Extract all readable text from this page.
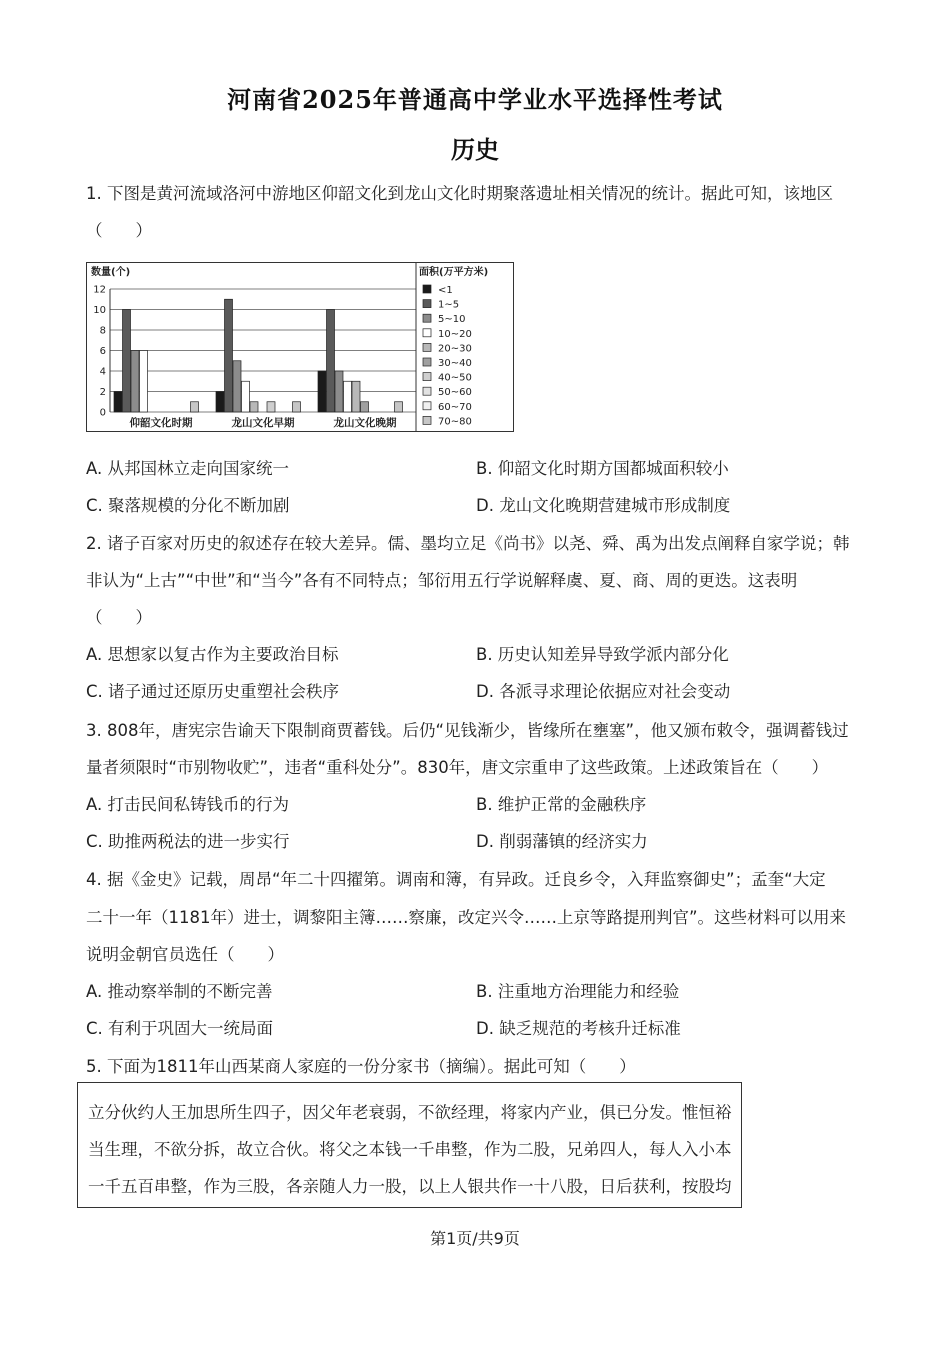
河南省2025年普通高中学业水平选择性考试
历史
1. 下图是黄河流域洛河中游地区仰韶文化到龙山文化时期聚落遗址相关情况的统计。据此可知，该地区
（　　）
数量(个)
0
2
4
6
8
10
12
仰韶文化时期	龙山文化早期	龙山文化晚期
面积(万平方米)
<1
1~5
5~10
10~20
20~30
30~40
40~50
50~60
60~70
70~80
A. 从邦国林立走向国家统一	B. 仰韶文化时期方国都城面积较小
C. 聚落规模的分化不断加剧	D. 龙山文化晚期营建城市形成制度
2. 诸子百家对历史的叙述存在较大差异。儒、墨均立足《尚书》以尧、舜、禹为出发点阐释自家学说；韩
非认为“上古”“中世”和“当今”各有不同特点；邹衍用五行学说解释虞、夏、商、周的更迭。这表明
（　　）
A. 思想家以复古作为主要政治目标	B. 历史认知差异导致学派内部分化
C. 诸子通过还原历史重塑社会秩序	D. 各派寻求理论依据应对社会变动
3. 808年，唐宪宗告谕天下限制商贾蓄钱。后仍“见钱渐少，皆缘所在壅塞”，他又颁布敕令，强调蓄钱过
量者须限时“市别物收贮”，违者“重科处分”。830年，唐文宗重申了这些政策。上述政策旨在（　　）
A. 打击民间私铸钱币的行为	B. 维护正常的金融秩序
C. 助推两税法的进一步实行	D. 削弱藩镇的经济实力
4. 据《金史》记载，周昂“年二十四擢第。调南和簿，有异政。迁良乡令，入拜监察御史”；孟奎“大定
二十一年（1181年）进士，调黎阳主簿……察廉，改定兴令……上京等路提刑判官”。这些材料可以用来
说明金朝官员选任（　　）
A. 推动察举制的不断完善	B. 注重地方治理能力和经验
C. 有利于巩固大一统局面	D. 缺乏规范的考核升迁标准
5. 下面为1811年山西某商人家庭的一份分家书（摘编）。据此可知（　　）
立分伙约人王加思所生四子，因父年老衰弱，不欲经理，将家内产业，俱已分发。惟恒裕
当生理，不欲分拆，故立合伙。将父之本钱一千串整，作为二股，兄弟四人，每人入小本
一千五百串整，作为三股，各亲随人力一股，以上人银共作一十八股，日后获利，按股均
第1页/共9页
